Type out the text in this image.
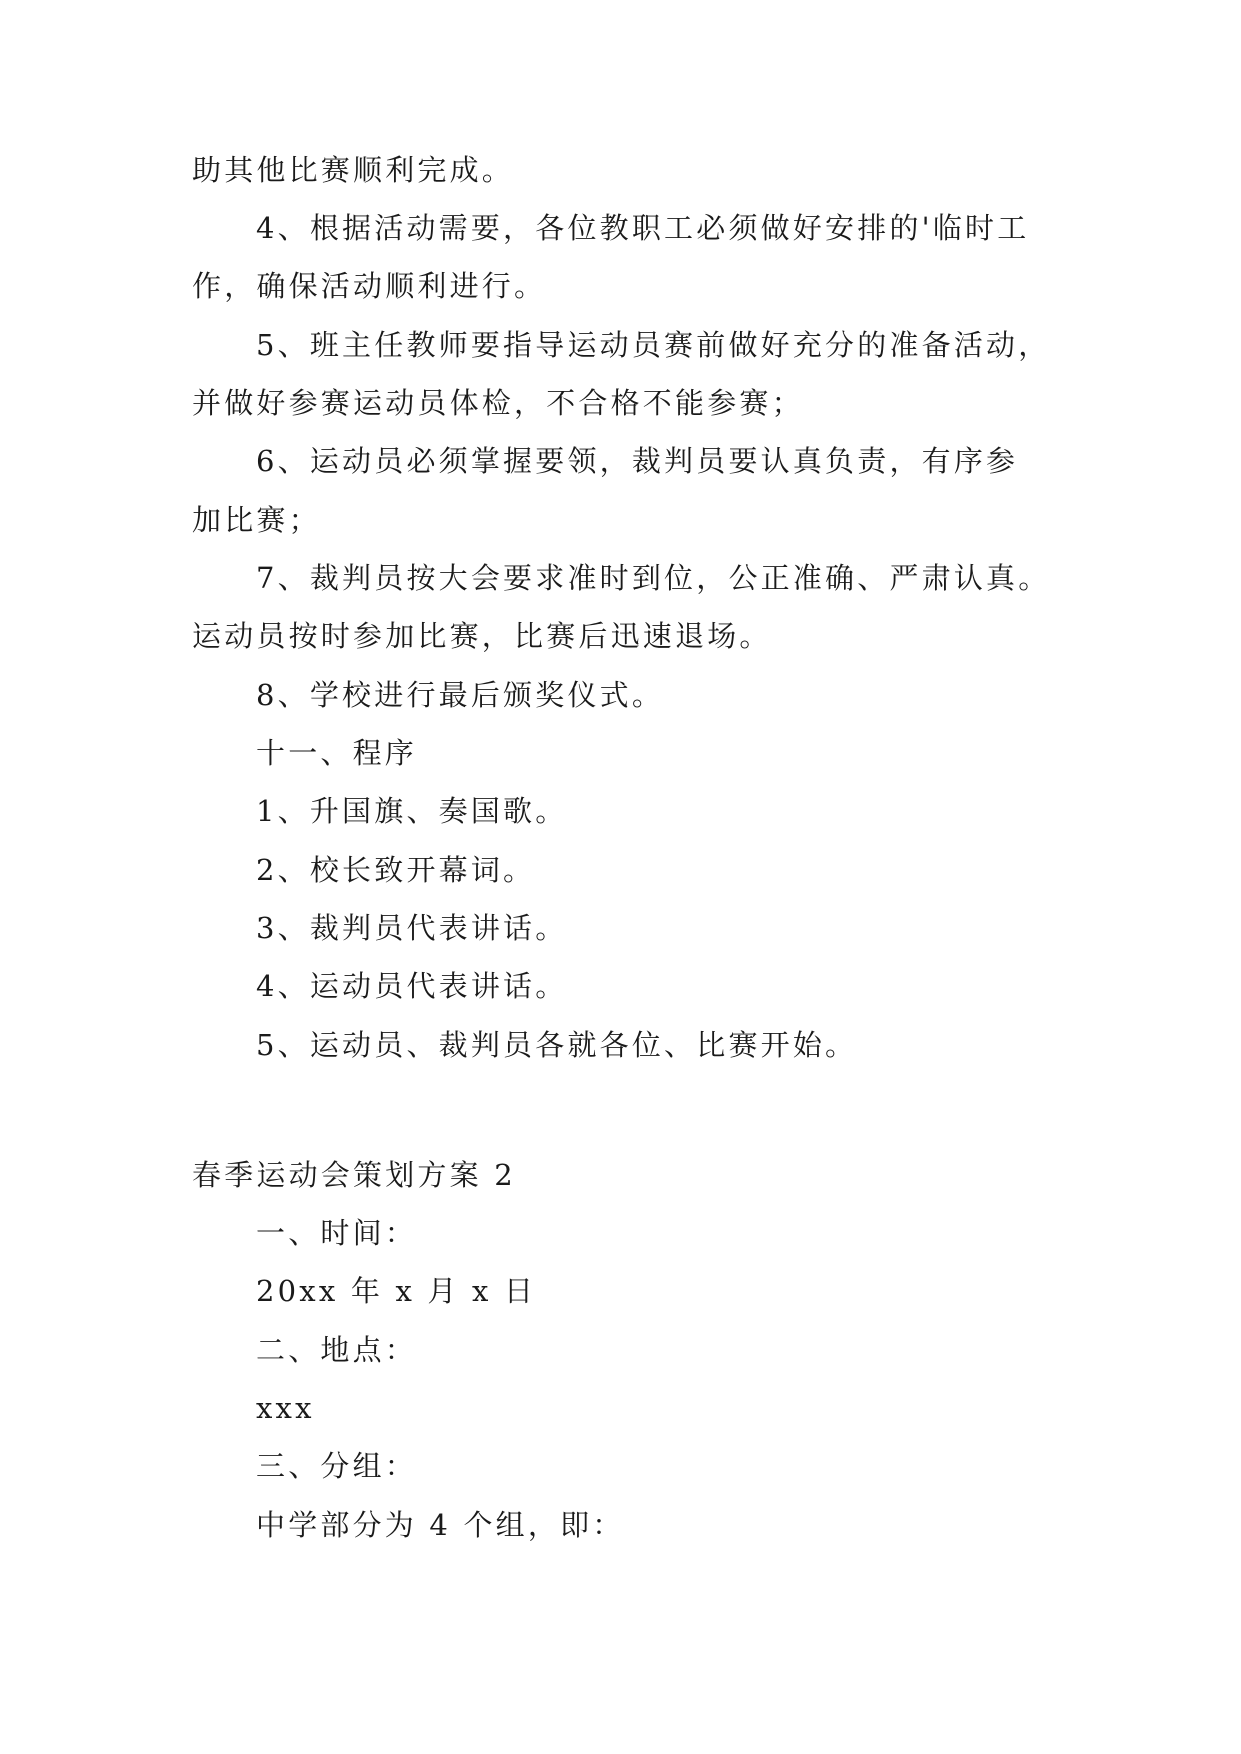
助其他比赛顺利完成。
4、根据活动需要，各位教职工必须做好安排的'临时工
作，确保活动顺利进行。
5、班主任教师要指导运动员赛前做好充分的准备活动，
并做好参赛运动员体检，不合格不能参赛；
6、运动员必须掌握要领，裁判员要认真负责，有序参
加比赛；
7、裁判员按大会要求准时到位，公正准确、严肃认真。
运动员按时参加比赛，比赛后迅速退场。
8、学校进行最后颁奖仪式。
十一、程序
1、升国旗、奏国歌。
2、校长致开幕词。
3、裁判员代表讲话。
4、运动员代表讲话。
5、运动员、裁判员各就各位、比赛开始。
春季运动会策划方案 2
一、时间：
20xx 年 x 月 x 日
二、地点：
xxx
三、分组：
中学部分为 4 个组，即：
